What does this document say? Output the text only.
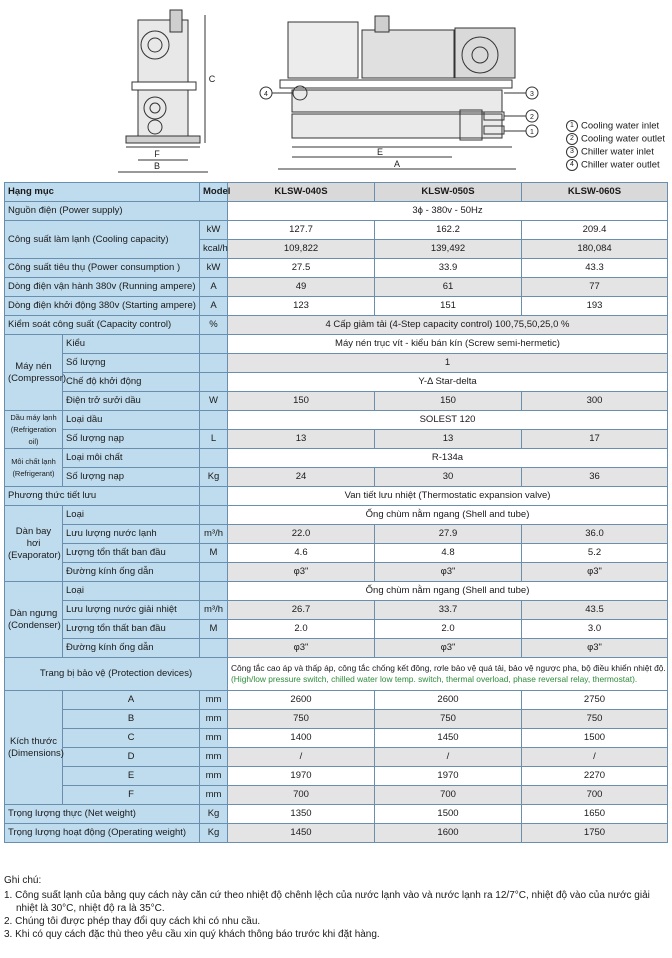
F
B
C
E
A
4	3
2
1
1 Cooling water inlet
2 Cooling water outlet
3 Chiller water inlet
4 Chiller water outlet
Hạng mục		Model	KLSW-040S	KLSW-050S	KLSW-060S
Nguồn điện (Power supply)			3ϕ - 380v - 50Hz		
Công suất làm lạnh (Cooling capacity)		kW	127.7	162.2	209.4
		kcal/h	109,822	139,492	180,084
Công suất tiêu thụ (Power consumption )		kW	27.5	33.9	43.3
Dòng điện vận hành 380v (Running ampere)		A	49	61	77
Dòng điện khởi động 380v (Starting ampere)		A	123	151	193
Kiểm soát công suất (Capacity control)		%	4 Cấp giảm tải (4-Step capacity control) 100,75,50,25,0 %		
Máy nén (Compressor)	Kiểu		Máy nén trục vít - kiểu bán kín (Screw semi-hermetic)		
	Số lượng		1		
	Chế độ khởi động		Y-Δ Star-delta		
	Điện trở sưởi dầu	W	150	150	300
Dầu máy lạnh (Refrigeration oil)	Loại dầu		SOLEST 120		
	Số lượng nạp	L	13	13	17
Môi chất lạnh (Refrigerant)	Loại môi chất		R-134a		
	Số lượng nạp	Kg	24	30	36
Phương thức tiết lưu			Van tiết lưu nhiệt (Thermostatic expansion valve)		
Dàn bay hơi (Evaporator)	Loại		Ống chùm nằm ngang (Shell and tube)		
	Lưu lượng nước lạnh	m³/h	22.0	27.9	36.0
	Lượng tổn thất ban đầu	M	4.6	4.8	5.2
	Đường kính ống dẫn		φ3"	φ3"	φ3"
Dàn ngưng (Condenser)	Loại		Ống chùm nằm ngang (Shell and tube)		
	Lưu lượng nước giải nhiệt	m³/h	26.7	33.7	43.5
	Lượng tổn thất ban đầu	M	2.0	2.0	3.0
	Đường kính ống dẫn		φ3"	φ3"	φ3"
Trang bị bảo vệ (Protection devices)			Công tắc cao áp và thấp áp, công tắc chống kết đông, rơle bảo vệ quá tải, bảo vệ ngược pha, bộ điều khiển nhiệt độ.
(High/low pressure switch, chilled water low temp. switch, thermal overload, phase reversal relay, thermostat).		

Kích thước (Dimensions)	A	mm	2600	2600	2750
	B	mm	750	750	750
	C	mm	1400	1450	1500
	D	mm	/	/	/
	E	mm	1970	1970	2270
	F	mm	700	700	700
Trọng lượng thực (Net weight)		Kg	1350	1500	1650
Trọng lượng hoạt động (Operating weight)		Kg	1450	1600	1750
Ghi chú:
1. Công suất lạnh của bảng quy cách này căn cứ theo nhiệt độ chênh lệch của nước lạnh vào và nước lạnh ra 12/7°C, nhiệt độ vào của nước giải nhiệt là 30°C, nhiệt độ ra là 35°C.
2. Chúng tôi được phép thay đổi quy cách khi có nhu cầu.
3. Khi có quy cách đặc thù theo yêu cầu xin quý khách thông báo trước khi đặt hàng.
